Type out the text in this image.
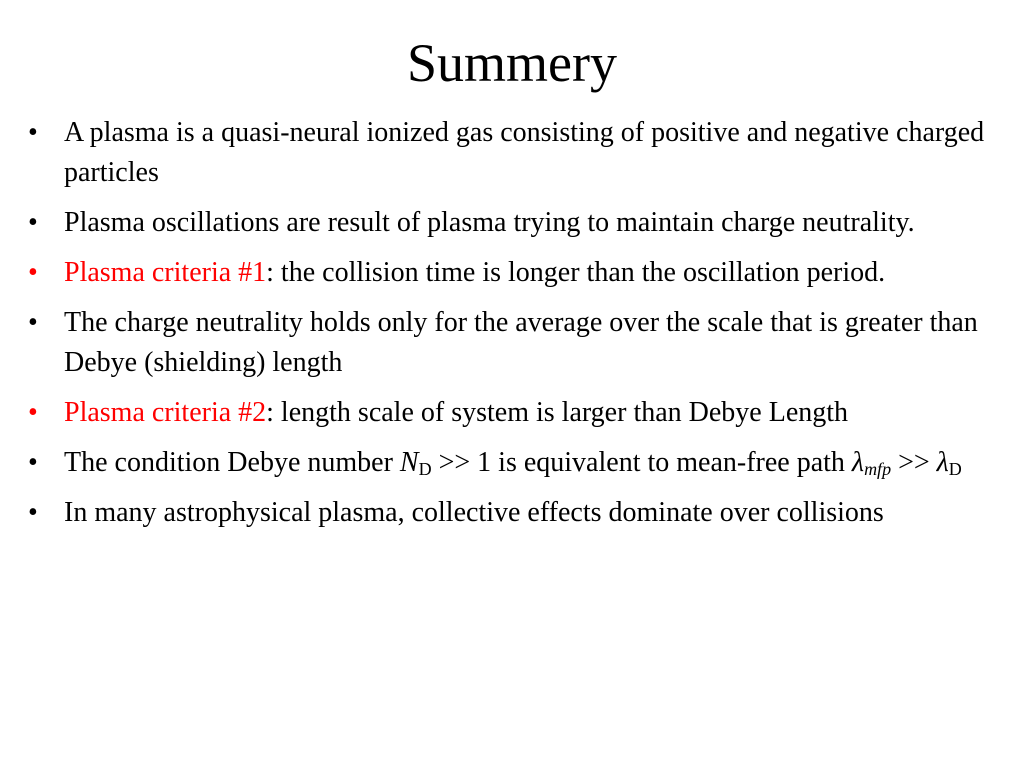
Summery
• A plasma is a quasi-neural ionized gas consisting of positive and negative charged particles
• Plasma oscillations are result of plasma trying to maintain charge neutrality.
• Plasma criteria #1: the collision time is longer than the oscillation period.
• The charge neutrality holds only for the average over the scale that is greater than Debye (shielding) length
• Plasma criteria #2: length scale of system is larger than Debye Length
• The condition Debye number $N_D >> 1$ is equivalent to mean-free path $\lambda_{mfp} >> \lambda_D$
• In many astrophysical plasma, collective effects dominate over collisions
